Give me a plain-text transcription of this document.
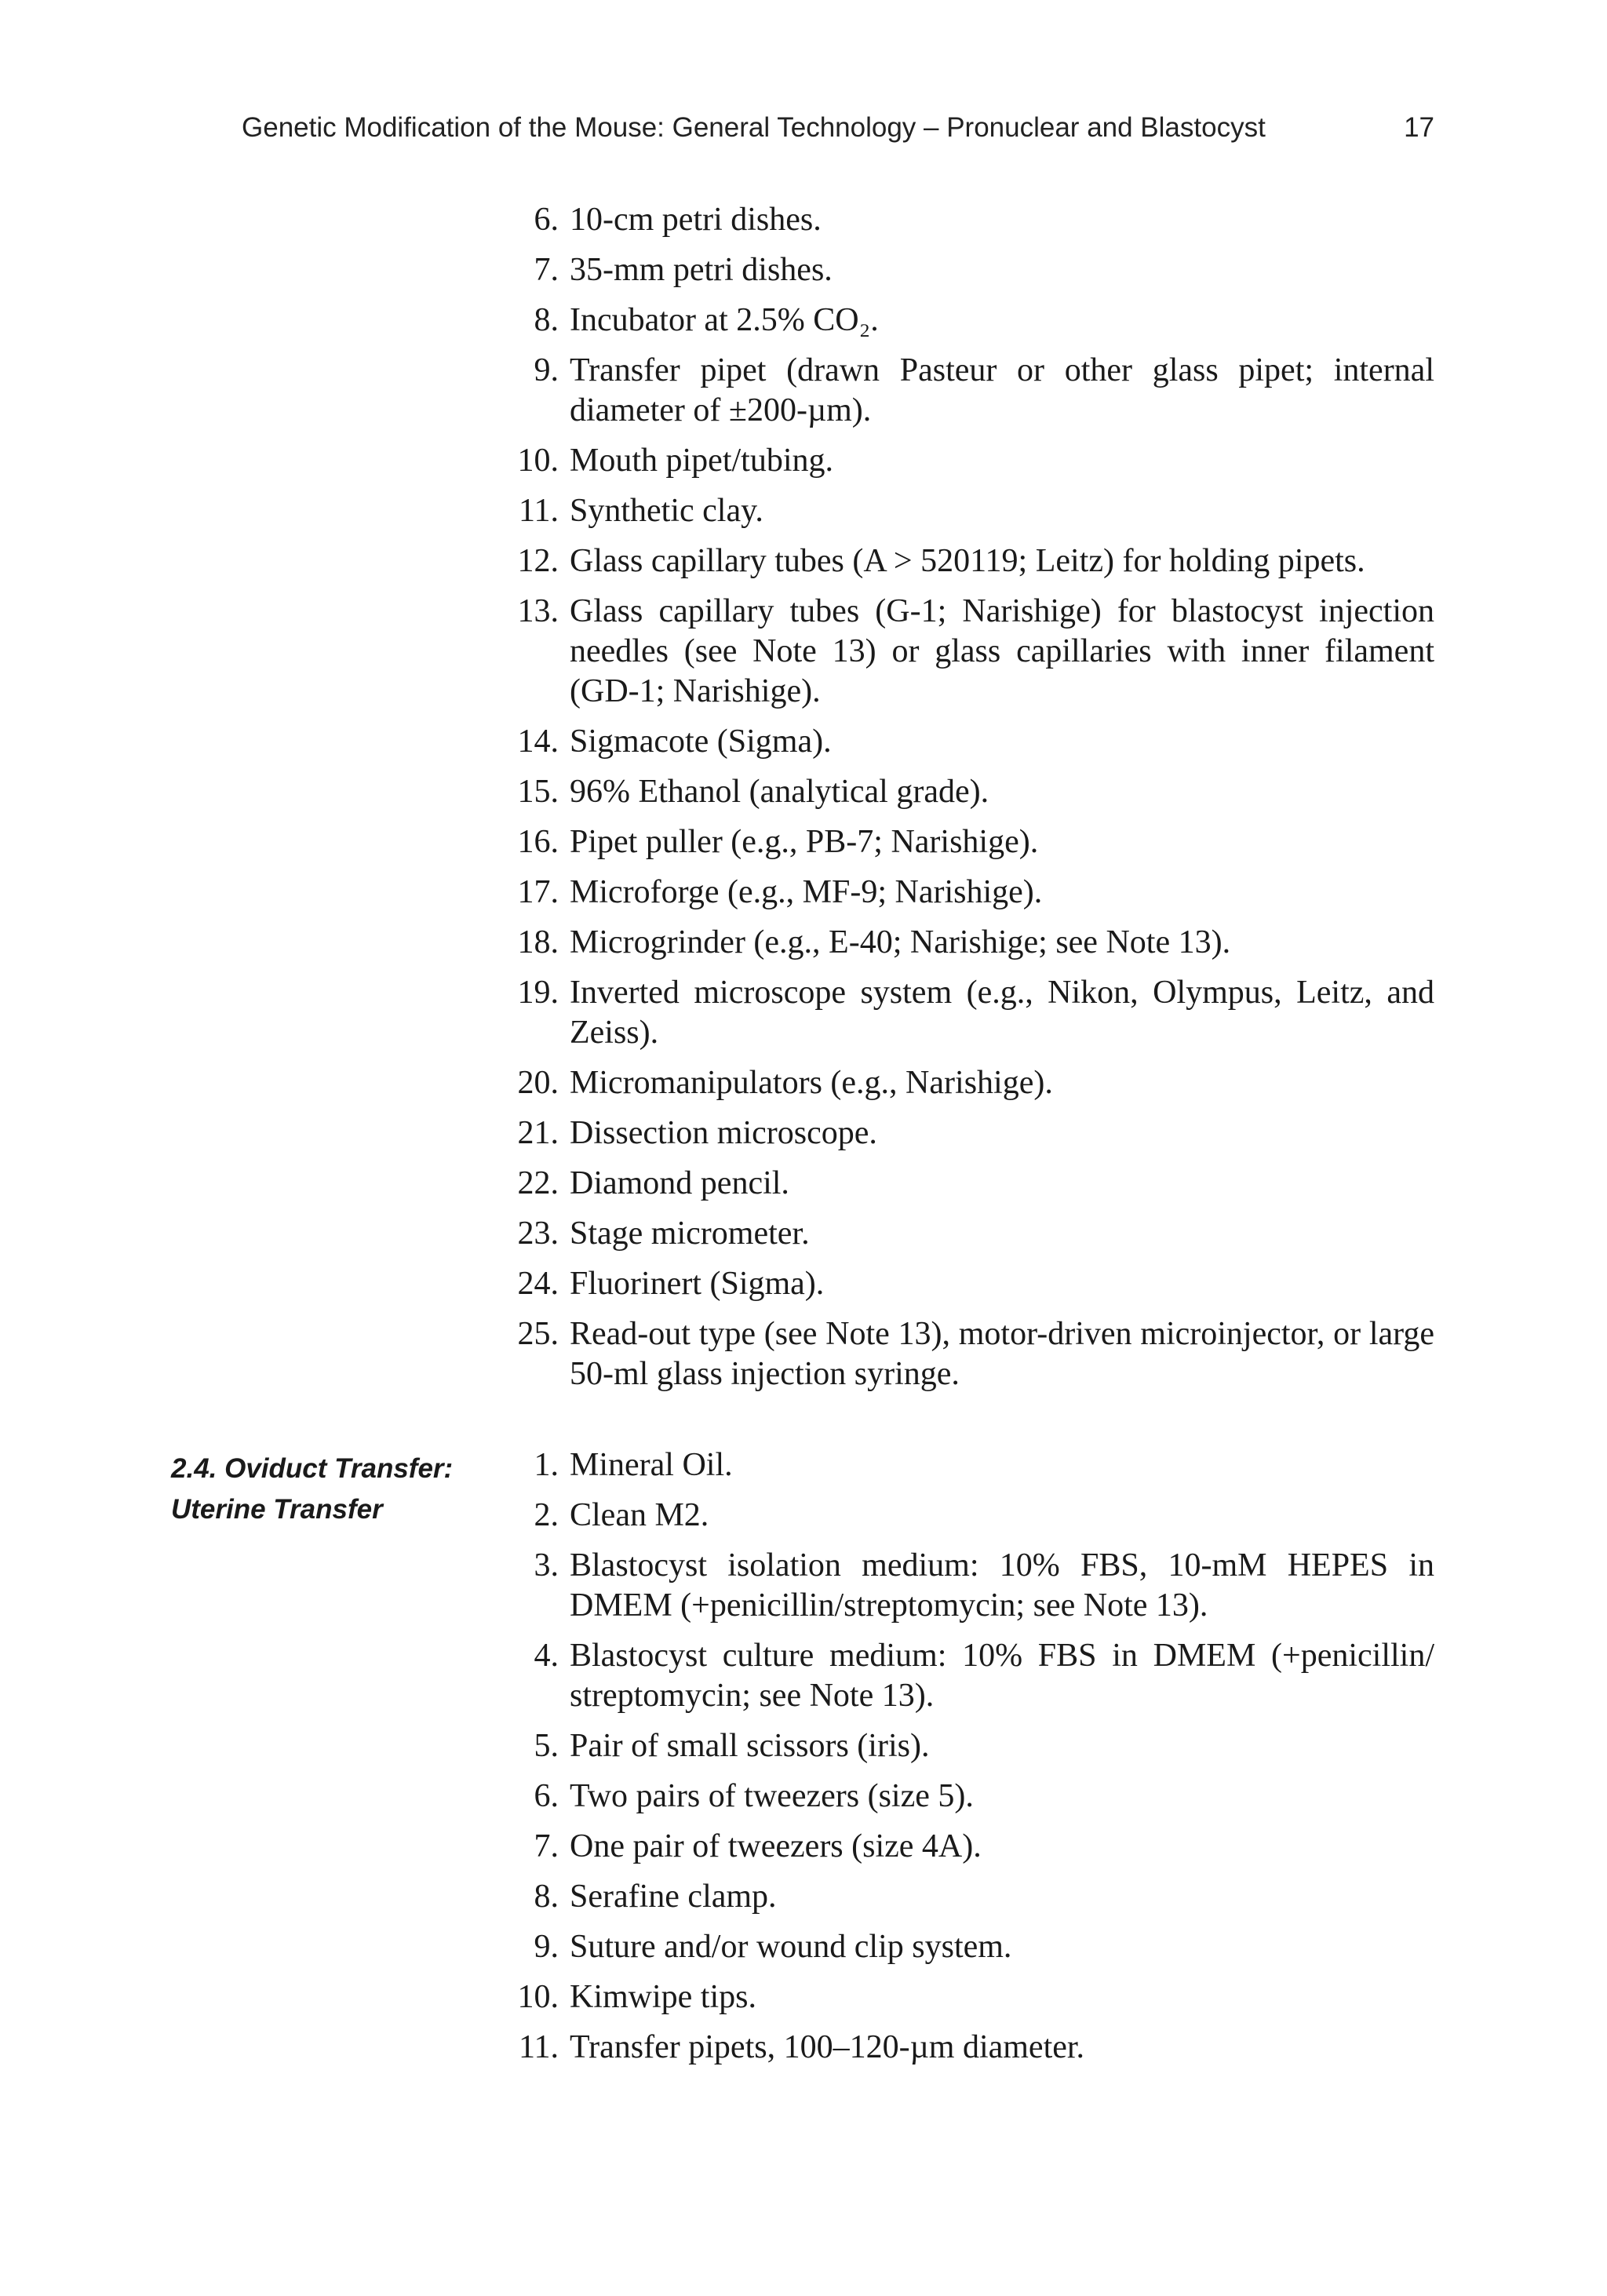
Genetic Modification of the Mouse: General Technology – Pronuclear and Blastocyst	17
6. 10-cm petri dishes.
7. 35-mm petri dishes.
8. Incubator at 2.5% CO₂.
9. Transfer pipet (drawn Pasteur or other glass pipet; internal diameter of ±200-µm).
10. Mouth pipet/tubing.
11. Synthetic clay.
12. Glass capillary tubes (A > 520119; Leitz) for holding pipets.
13. Glass capillary tubes (G-1; Narishige) for blastocyst injection needles (see Note 13) or glass capillaries with inner filament (GD-1; Narishige).
14. Sigmacote (Sigma).
15. 96% Ethanol (analytical grade).
16. Pipet puller (e.g., PB-7; Narishige).
17. Microforge (e.g., MF-9; Narishige).
18. Microgrinder (e.g., E-40; Narishige; see Note 13).
19. Inverted microscope system (e.g., Nikon, Olympus, Leitz, and Zeiss).
20. Micromanipulators (e.g., Narishige).
21. Dissection microscope.
22. Diamond pencil.
23. Stage micrometer.
24. Fluorinert (Sigma).
25. Read-out type (see Note 13), motor-driven microinjector, or large 50-ml glass injection syringe.
2.4. Oviduct Transfer:
Uterine Transfer
1. Mineral Oil.
2. Clean M2.
3. Blastocyst isolation medium: 10% FBS, 10-mM HEPES in DMEM (+penicillin/streptomycin; see Note 13).
4. Blastocyst culture medium: 10% FBS in DMEM (+penicillin/ streptomycin; see Note 13).
5. Pair of small scissors (iris).
6. Two pairs of tweezers (size 5).
7. One pair of tweezers (size 4A).
8. Serafine clamp.
9. Suture and/or wound clip system.
10. Kimwipe tips.
11. Transfer pipets, 100–120-µm diameter.
